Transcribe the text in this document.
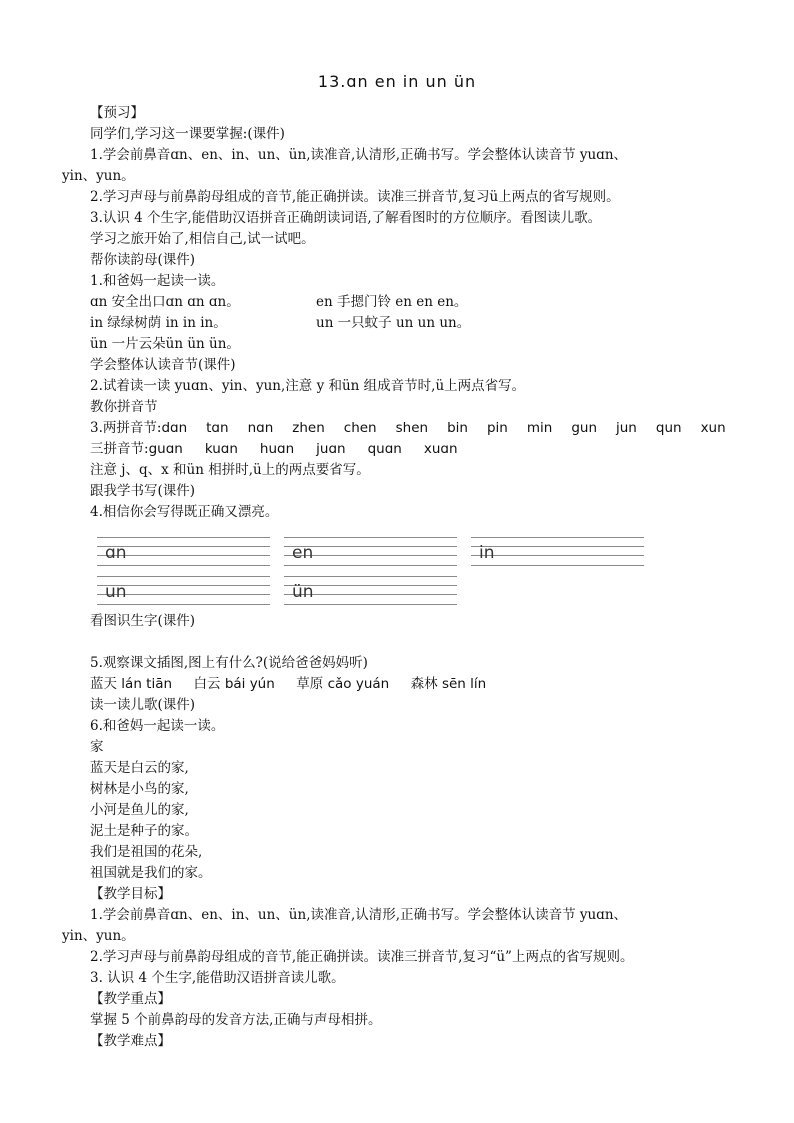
13.ɑn en in un ün
【预习】
同学们,学习这一课要掌握:(课件)
1.学会前鼻音ɑn、en、in、un、ün,读准音,认清形,正确书写。学会整体认读音节 yuɑn、
yin、yun。
2.学习声母与前鼻韵母组成的音节,能正确拼读。读准三拼音节,复习ü上两点的省写规则。
3.认识 4 个生字,能借助汉语拼音正确朗读词语,了解看图时的方位顺序。看图读儿歌。
学习之旅开始了,相信自己,试一试吧。
帮你读韵母(课件)
1.和爸妈一起读一读。
ɑn 安全出口ɑn ɑn ɑn。	en 手摁门铃 en en en。
in 绿绿树荫 in in in。	un 一只蚊子 un un un。
ün 一片云朵ün ün ün。
学会整体认读音节(课件)
2.试着读一读 yuɑn、yin、yun,注意 y 和ün 组成音节时,ü上两点省写。
教你拼音节
3.两拼音节:dɑn tɑn nɑn zhen chen shen bin pin min gun jun qun xun
三拼音节:guɑn kuɑn huɑn juɑn quɑn xuɑn
注意 j、q、x 和ün 相拼时,ü上的两点要省写。
跟我学书写(课件)
4.相信你会写得既正确又漂亮。
ɑn	en	in
un	ün
看图识生字(课件)
5.观察课文插图,图上有什么?(说给爸爸妈妈听)
蓝天 lán tiān 白云 bái yún 草原 cǎo yuán 森林 sēn lín
读一读儿歌(课件)
6.和爸妈一起读一读。
家
蓝天是白云的家,
树林是小鸟的家,
小河是鱼儿的家,
泥土是种子的家。
我们是祖国的花朵,
祖国就是我们的家。
【教学目标】
1.学会前鼻音ɑn、en、in、un、ün,读准音,认清形,正确书写。学会整体认读音节 yuɑn、
yin、yun。
2.学习声母与前鼻韵母组成的音节,能正确拼读。读准三拼音节,复习“ü”上两点的省写规则。
3. 认识 4 个生字,能借助汉语拼音读儿歌。
【教学重点】
掌握 5 个前鼻韵母的发音方法,正确与声母相拼。
【教学难点】
